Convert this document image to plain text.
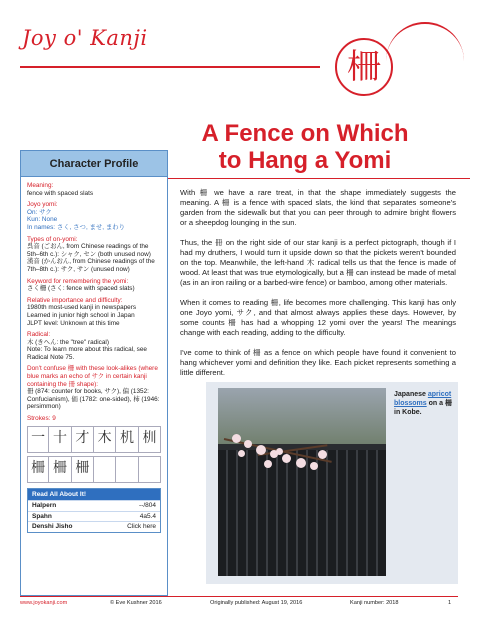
Joy o' Kanji
柵
A Fence on Which
to Hang a Yomi
Character Profile
Meaning:
fence with spaced slats
Joyo yomi:
On: サク
Kun: None
In names: さく, さつ, ませ, まわり
Types of on-yomi:
呉音 (ごおん, from Chinese readings of the 5th–6th c.): シャク, セン (both unused now)
漢音 (かんおん, from Chinese readings of the 7th–8th c.): サク, サン (unused now)
Keyword for remembering the yomi:
さく柵 (さく: fence with spaced slats)
Relative importance and difficulty:
1980th most-used kanji in newspapers
Learned in junior high school in Japan
JLPT level: Unknown at this time
Radical:
木 (きへん: the "tree" radical)
Note: To learn more about this radical, see Radical Note 75.
Don't confuse 柵 with these look-alikes (where blue marks an echo of サク in certain kanji containing the 冊 shape):
冊 (874: counter for books, サク), 偏 (1352: Confucianism), 価 (1782: one-sided), 柿 (1946: persimmon)
Strokes: 9
一 十 才 木 机 杊
柵 柵 柵
Read All About It!
Halpern	--/804
Spahn	4a5.4
Denshi Jisho	Click here

With 柵 we have a rare treat, in that the shape immediately suggests the meaning. A 柵 is a fence with spaced slats, the kind that separates someone's garden from the sidewalk but that you can peer through to admire bright flowers or a sheepdog lounging in the sun.

Thus, the 冊 on the right side of our star kanji is a perfect pictograph, though if I had my druthers, I would turn it upside down so that the pickets weren't bounded on the top. Meanwhile, the left-hand 木 radical tells us that the fence is made of wood. At least that was true etymologically, but a 柵 can instead be made of metal (as in an iron railing or a barbed-wire fence) or bamboo, among other materials.

When it comes to reading 柵, life becomes more challenging. This kanji has only one Joyo yomi, サク, and that almost always applies these days. However, by some counts 柵 has had a whopping 12 yomi over the years! The meanings change with each reading, adding to the difficulty.

I've come to think of 柵 as a fence on which people have found it convenient to hang whichever yomi and definition they like. Each picket represents something a little different.

Japanese apricot blossoms on a 柵 in Kobe.
www.joyokanji.com	© Eve Kushner 2016	Originally published: August 19, 2016	Kanji number: 2018	1
